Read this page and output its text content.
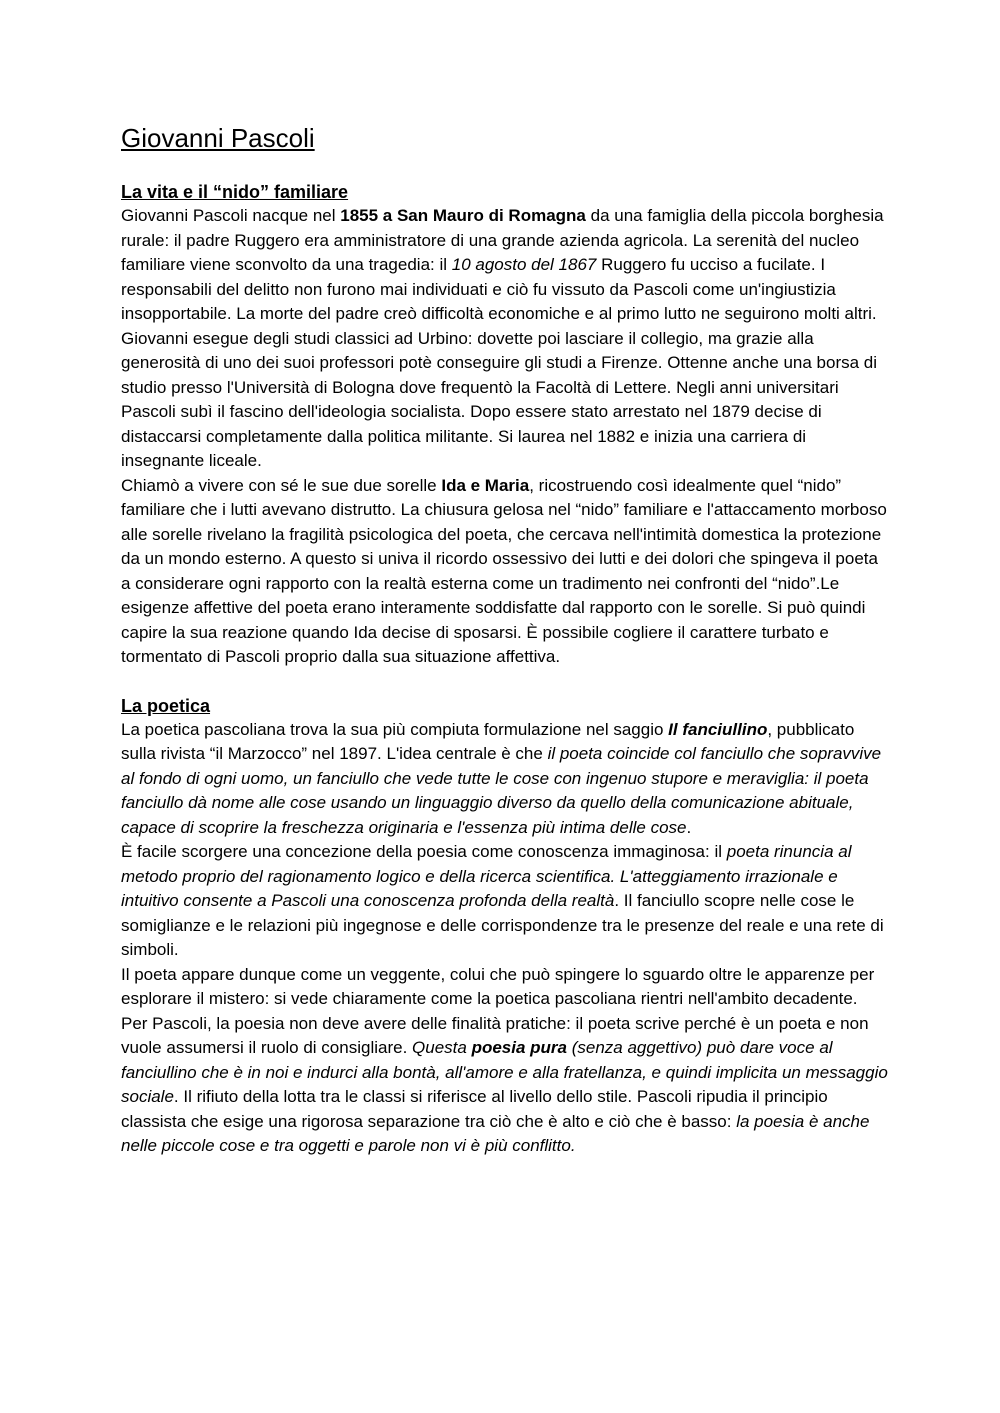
Giovanni Pascoli
La vita e il “nido” familiare

Giovanni Pascoli nacque nel 1855 a San Mauro di Romagna da una famiglia della piccola borghesia rurale: il padre Ruggero era amministratore di una grande azienda agricola. La serenità del nucleo familiare viene sconvolto da una tragedia: il 10 agosto del 1867 Ruggero fu ucciso a fucilate. I responsabili del delitto non furono mai individuati e ciò fu vissuto da Pascoli come un'ingiustizia insopportabile. La morte del padre creò difficoltà economiche e al primo lutto ne seguirono molti altri.

Giovanni esegue degli studi classici ad Urbino: dovette poi lasciare il collegio, ma grazie alla generosità di uno dei suoi professori potè conseguire gli studi a Firenze. Ottenne anche una borsa di studio presso l'Università di Bologna dove frequentò la Facoltà di Lettere. Negli anni universitari Pascoli subì il fascino dell'ideologia socialista. Dopo essere stato arrestato nel 1879 decise di distaccarsi completamente dalla politica militante. Si laurea nel 1882 e inizia una carriera di insegnante liceale.

Chiamò a vivere con sé le sue due sorelle Ida e Maria, ricostruendo così idealmente quel “nido” familiare che i lutti avevano distrutto. La chiusura gelosa nel “nido” familiare e l'attaccamento morboso alle sorelle rivelano la fragilità psicologica del poeta, che cercava nell'intimità domestica la protezione da un mondo esterno. A questo si univa il ricordo ossessivo dei lutti e dei dolori che spingeva il poeta a considerare ogni rapporto con la realtà esterna come un tradimento nei confronti del “nido”.Le esigenze affettive del poeta erano interamente soddisfatte dal rapporto con le sorelle. Si può quindi capire la sua reazione quando Ida decise di sposarsi. È possibile cogliere il carattere turbato e tormentato di Pascoli proprio dalla sua situazione affettiva.

La poetica

La poetica pascoliana trova la sua più compiuta formulazione nel saggio Il fanciullino, pubblicato sulla rivista “il Marzocco” nel 1897. L'idea centrale è che il poeta coincide col fanciullo che sopravvive al fondo di ogni uomo, un fanciullo che vede tutte le cose con ingenuo stupore e meraviglia: il poeta fanciullo dà nome alle cose usando un linguaggio diverso da quello della comunicazione abituale, capace di scoprire la freschezza originaria e l'essenza più intima delle cose.

È facile scorgere una concezione della poesia come conoscenza immaginosa: il poeta rinuncia al metodo proprio del ragionamento logico e della ricerca scientifica. L'atteggiamento irrazionale e intuitivo consente a Pascoli una conoscenza profonda della realtà. Il fanciullo scopre nelle cose le somiglianze e le relazioni più ingegnose e delle corrispondenze tra le presenze del reale e una rete di simboli.

Il poeta appare dunque come un veggente, colui che può spingere lo sguardo oltre le apparenze per esplorare il mistero: si vede chiaramente come la poetica pascoliana rientri nell'ambito decadente.

Per Pascoli, la poesia non deve avere delle finalità pratiche: il poeta scrive perché è un poeta e non vuole assumersi il ruolo di consigliare. Questa poesia pura (senza aggettivo) può dare voce al fanciullino che è in noi e indurci alla bontà, all'amore e alla fratellanza, e quindi implicita un messaggio sociale. Il rifiuto della lotta tra le classi si riferisce al livello dello stile. Pascoli ripudia il principio classista che esige una rigorosa separazione tra ciò che è alto e ciò che è basso: la poesia è anche nelle piccole cose e tra oggetti e parole non vi è più conflitto.
